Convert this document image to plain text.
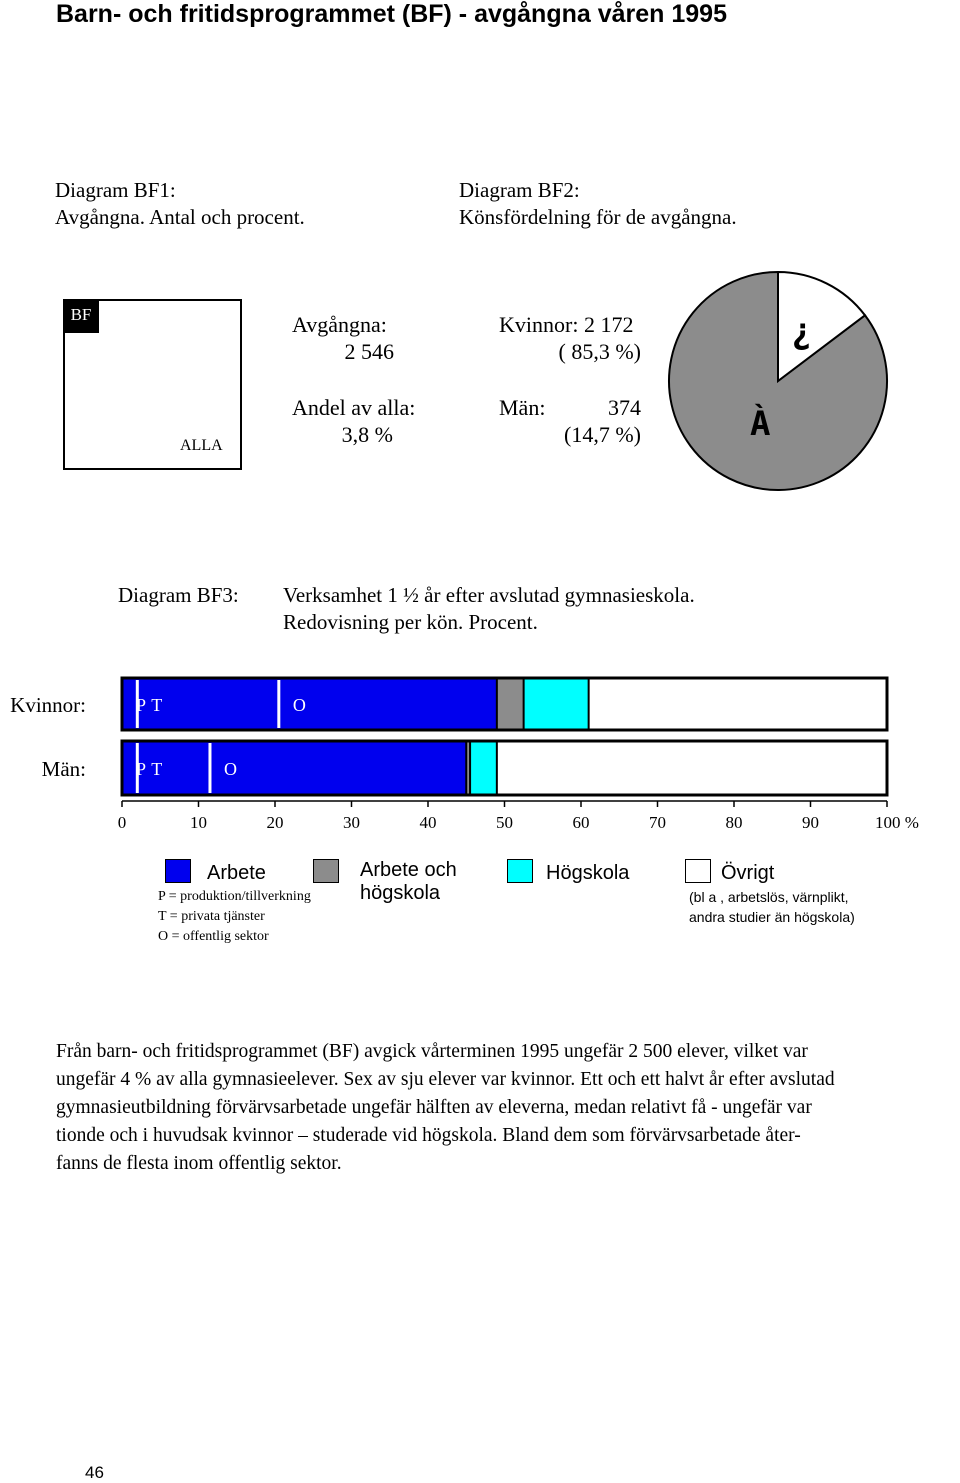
Barn- och fritidsprogrammet (BF) - avgångna våren 1995
Diagram BF1:
Avgångna. Antal och procent.
Diagram BF2:
Könsfördelning för de avgångna.
BF
ALLA
Avgångna:
2 546
Andel av alla:
3,8 %
Kvinnor: 2 172
( 85,3 %)
Män:	374
(14,7 %)	À
¿
Diagram BF3: Verksamhet 1 ½ år efter avslutad gymnasieskola.
Redovisning per kön. Procent.
Kvinnor:	P T	O
Män:	P T	O
0	10	20	30	40	50	60	70	80	90	100 %
Arbete
P = produktion/tillverkning
T = privata tjänster
O = offentlig sektor
Arbete och
högskola
Högskola	Övrigt
(bl a , arbetslös, värnplikt,
andra studier än högskola)
Från barn- och fritidsprogrammet (BF) avgick vårterminen 1995 ungefär 2 500 elever, vilket var
ungefär 4 % av alla gymnasieelever. Sex av sju elever var kvinnor. Ett och ett halvt år efter avslutad
gymnasieutbildning förvärvsarbetade ungefär hälften av eleverna, medan relativt få - ungefär var
tionde och i huvudsak kvinnor – studerade vid högskola. Bland dem som förvärvsarbetade åter-
fanns de flesta inom offentlig sektor.
46
